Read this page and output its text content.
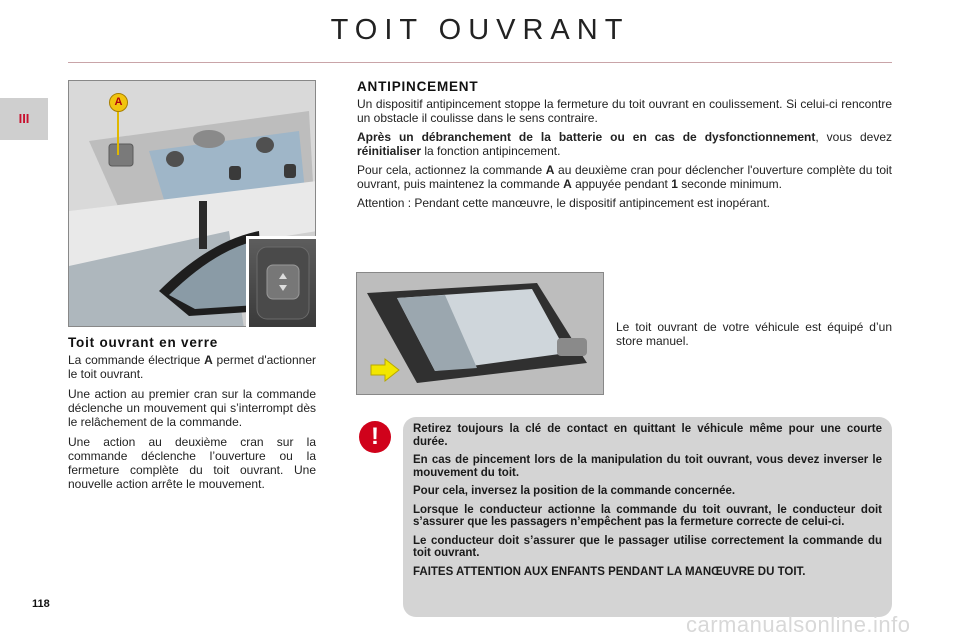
TOIT OUVRANT
III
118
A
Toit ouvrant en verre

La commande électrique A permet d'actionner le toit ouvrant.

Une action au premier cran sur la commande déclenche un mouvement qui s’interrompt dès le relâchement de la commande.

Une action au deuxième cran sur la commande déclenche l’ouverture ou la fermeture complète du toit ouvrant. Une nouvelle action arrête le mouvement.

ANTIPINCEMENT

Un dispositif antipincement stoppe la fermeture du toit ouvrant en coulissement. Si celui-ci rencontre un obstacle il coulisse dans le sens contraire.

Après un débranchement de la batterie ou en cas de dysfonctionnement, vous devez réinitialiser la fonction antipincement.

Pour cela, actionnez la commande A au deuxième cran pour déclencher l'ouverture complète du toit ouvrant, puis maintenez la commande A appuyée pendant 1 seconde minimum.

Attention : Pendant cette manœuvre, le dispositif antipincement est inopérant.

Le toit ouvrant de votre véhicule est équipé d’un store manuel.
!	Retirez toujours la clé de contact en quittant le véhicule même pour une courte durée.

En cas de pincement lors de la manipulation du toit ouvrant, vous devez inverser le mouvement du toit.

Pour cela, inversez la position de la commande concernée.

Lorsque le conducteur actionne la commande du toit ouvrant, le conducteur doit s’assurer que les passagers n’empêchent pas la fermeture correcte de celui-ci.

Le conducteur doit s’assurer que le passager utilise correctement la commande du toit ouvrant.

FAITES ATTENTION AUX ENFANTS PENDANT LA MANŒUVRE DU TOIT.

carmanualsonline.info
